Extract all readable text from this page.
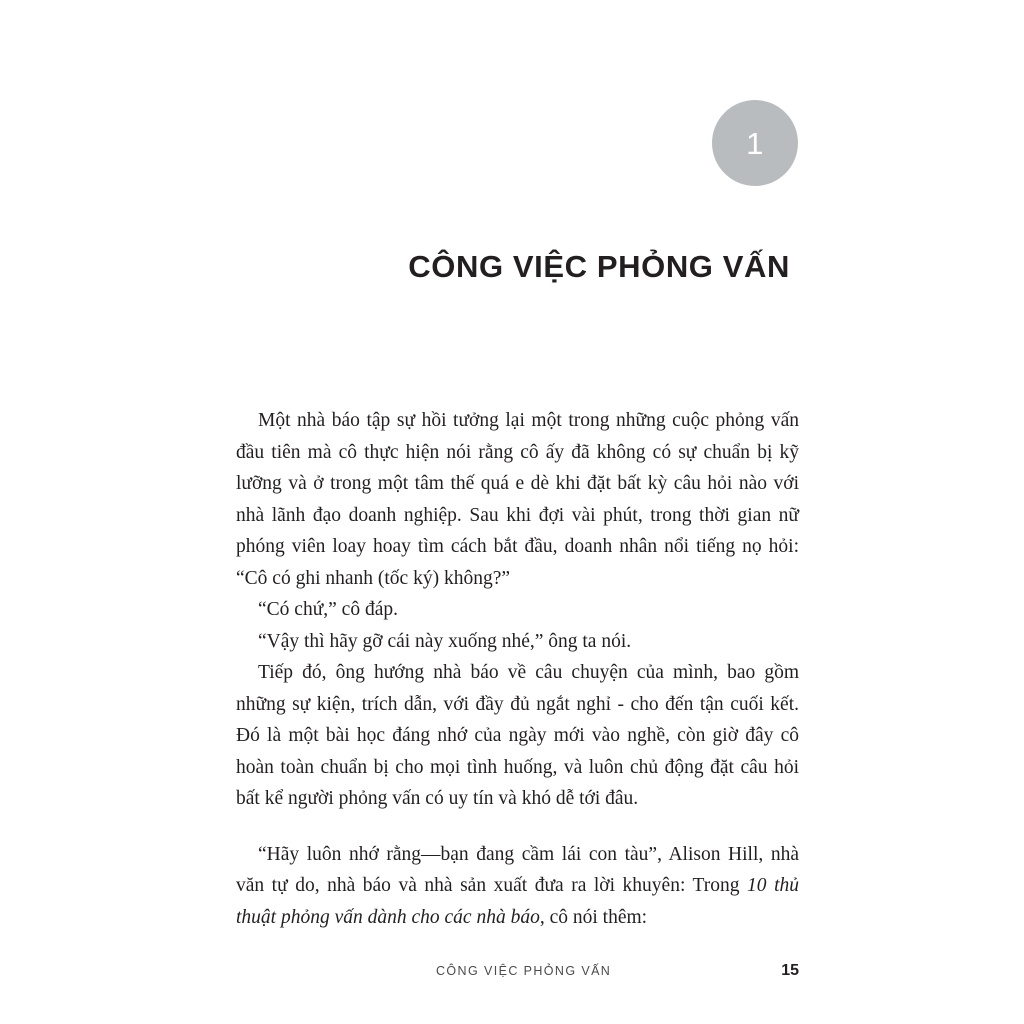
1
CÔNG VIỆC PHỎNG VẤN

Một nhà báo tập sự hồi tưởng lại một trong những cuộc phỏng vấn đầu tiên mà cô thực hiện nói rằng cô ấy đã không có sự chuẩn bị kỹ lưỡng và ở trong một tâm thế quá e dè khi đặt bất kỳ câu hỏi nào với nhà lãnh đạo doanh nghiệp. Sau khi đợi vài phút, trong thời gian nữ phóng viên loay hoay tìm cách bắt đầu, doanh nhân nổi tiếng nọ hỏi: “Cô có ghi nhanh (tốc ký) không?”

“Có chứ,” cô đáp.

“Vậy thì hãy gỡ cái này xuống nhé,” ông ta nói.

Tiếp đó, ông hướng nhà báo về câu chuyện của mình, bao gồm những sự kiện, trích dẫn, với đầy đủ ngắt nghỉ - cho đến tận cuối kết. Đó là một bài học đáng nhớ của ngày mới vào nghề, còn giờ đây cô hoàn toàn chuẩn bị cho mọi tình huống, và luôn chủ động đặt câu hỏi bất kể người phỏng vấn có uy tín và khó dễ tới đâu.

“Hãy luôn nhớ rằng—bạn đang cầm lái con tàu”, Alison Hill, nhà văn tự do, nhà báo và nhà sản xuất đưa ra lời khuyên: Trong 10 thủ thuật phỏng vấn dành cho các nhà báo, cô nói thêm:

CÔNG VIỆC PHỎNG VẤN	15
